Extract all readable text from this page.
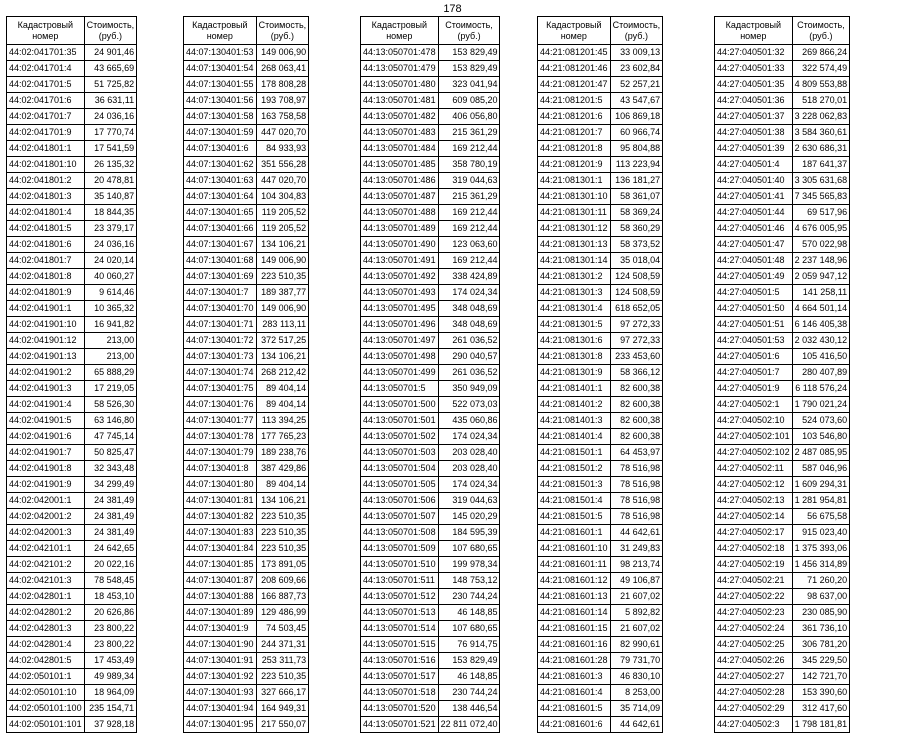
178
Кадастровый номер	Стоимость, (руб.)
44:02:041701:35	24 901,46
44:02:041701:4	43 665,69
44:02:041701:5	51 725,82
44:02:041701:6	36 631,11
44:02:041701:7	24 036,16
44:02:041701:9	17 770,74
44:02:041801:1	17 541,59
44:02:041801:10	26 135,32
44:02:041801:2	20 478,81
44:02:041801:3	35 140,87
44:02:041801:4	18 844,35
44:02:041801:5	23 379,17
44:02:041801:6	24 036,16
44:02:041801:7	24 020,14
44:02:041801:8	40 060,27
44:02:041801:9	9 614,46
44:02:041901:1	10 365,32
44:02:041901:10	16 941,82
44:02:041901:12	213,00
44:02:041901:13	213,00
44:02:041901:2	65 888,29
44:02:041901:3	17 219,05
44:02:041901:4	58 526,30
44:02:041901:5	63 146,80
44:02:041901:6	47 745,14
44:02:041901:7	50 825,47
44:02:041901:8	32 343,48
44:02:041901:9	34 299,49
44:02:042001:1	24 381,49
44:02:042001:2	24 381,49
44:02:042001:3	24 381,49
44:02:042101:1	24 642,65
44:02:042101:2	20 022,16
44:02:042101:3	78 548,45
44:02:042801:1	18 453,10
44:02:042801:2	20 626,86
44:02:042801:3	23 800,22
44:02:042801:4	23 800,22
44:02:042801:5	17 453,49
44:02:050101:1	49 989,34
44:02:050101:10	18 964,09
44:02:050101:100	235 154,71
44:02:050101:101	37 928,18
Кадастровый номер	Стоимость, (руб.)
44:07:130401:53	149 006,90
44:07:130401:54	268 063,41
44:07:130401:55	178 808,28
44:07:130401:56	193 708,97
44:07:130401:58	163 758,58
44:07:130401:59	447 020,70
44:07:130401:6	84 933,93
44:07:130401:62	351 556,28
44:07:130401:63	447 020,70
44:07:130401:64	104 304,83
44:07:130401:65	119 205,52
44:07:130401:66	119 205,52
44:07:130401:67	134 106,21
44:07:130401:68	149 006,90
44:07:130401:69	223 510,35
44:07:130401:7	189 387,77
44:07:130401:70	149 006,90
44:07:130401:71	283 113,11
44:07:130401:72	372 517,25
44:07:130401:73	134 106,21
44:07:130401:74	268 212,42
44:07:130401:75	89 404,14
44:07:130401:76	89 404,14
44:07:130401:77	113 394,25
44:07:130401:78	177 765,23
44:07:130401:79	189 238,76
44:07:130401:8	387 429,86
44:07:130401:80	89 404,14
44:07:130401:81	134 106,21
44:07:130401:82	223 510,35
44:07:130401:83	223 510,35
44:07:130401:84	223 510,35
44:07:130401:85	173 891,05
44:07:130401:87	208 609,66
44:07:130401:88	166 887,73
44:07:130401:89	129 486,99
44:07:130401:9	74 503,45
44:07:130401:90	244 371,31
44:07:130401:91	253 311,73
44:07:130401:92	223 510,35
44:07:130401:93	327 666,17
44:07:130401:94	164 949,31
44:07:130401:95	217 550,07
Кадастровый номер	Стоимость, (руб.)
44:13:050701:478	153 829,49
44:13:050701:479	153 829,49
44:13:050701:480	323 041,94
44:13:050701:481	609 085,20
44:13:050701:482	406 056,80
44:13:050701:483	215 361,29
44:13:050701:484	169 212,44
44:13:050701:485	358 780,19
44:13:050701:486	319 044,63
44:13:050701:487	215 361,29
44:13:050701:488	169 212,44
44:13:050701:489	169 212,44
44:13:050701:490	123 063,60
44:13:050701:491	169 212,44
44:13:050701:492	338 424,89
44:13:050701:493	174 024,34
44:13:050701:495	348 048,69
44:13:050701:496	348 048,69
44:13:050701:497	261 036,52
44:13:050701:498	290 040,57
44:13:050701:499	261 036,52
44:13:050701:5	350 949,09
44:13:050701:500	522 073,03
44:13:050701:501	435 060,86
44:13:050701:502	174 024,34
44:13:050701:503	203 028,40
44:13:050701:504	203 028,40
44:13:050701:505	174 024,34
44:13:050701:506	319 044,63
44:13:050701:507	145 020,29
44:13:050701:508	184 595,39
44:13:050701:509	107 680,65
44:13:050701:510	199 978,34
44:13:050701:511	148 753,12
44:13:050701:512	230 744,24
44:13:050701:513	46 148,85
44:13:050701:514	107 680,65
44:13:050701:515	76 914,75
44:13:050701:516	153 829,49
44:13:050701:517	46 148,85
44:13:050701:518	230 744,24
44:13:050701:520	138 446,54
44:13:050701:521	22 811 072,40
Кадастровый номер	Стоимость, (руб.)
44:21:081201:45	33 009,13
44:21:081201:46	23 602,84
44:21:081201:47	52 257,21
44:21:081201:5	43 547,67
44:21:081201:6	106 869,18
44:21:081201:7	60 966,74
44:21:081201:8	95 804,88
44:21:081201:9	113 223,94
44:21:081301:1	136 181,27
44:21:081301:10	58 361,07
44:21:081301:11	58 369,24
44:21:081301:12	58 360,29
44:21:081301:13	58 373,52
44:21:081301:14	35 018,04
44:21:081301:2	124 508,59
44:21:081301:3	124 508,59
44:21:081301:4	618 652,05
44:21:081301:5	97 272,33
44:21:081301:6	97 272,33
44:21:081301:8	233 453,60
44:21:081301:9	58 366,12
44:21:081401:1	82 600,38
44:21:081401:2	82 600,38
44:21:081401:3	82 600,38
44:21:081401:4	82 600,38
44:21:081501:1	64 453,97
44:21:081501:2	78 516,98
44:21:081501:3	78 516,98
44:21:081501:4	78 516,98
44:21:081501:5	78 516,98
44:21:081601:1	44 642,61
44:21:081601:10	31 249,83
44:21:081601:11	98 213,74
44:21:081601:12	49 106,87
44:21:081601:13	21 607,02
44:21:081601:14	5 892,82
44:21:081601:15	21 607,02
44:21:081601:16	82 990,61
44:21:081601:28	79 731,70
44:21:081601:3	46 830,10
44:21:081601:4	8 253,00
44:21:081601:5	35 714,09
44:21:081601:6	44 642,61
Кадастровый номер	Стоимость, (руб.)
44:27:040501:32	269 866,24
44:27:040501:33	322 574,49
44:27:040501:35	4 809 553,88
44:27:040501:36	518 270,01
44:27:040501:37	3 228 062,83
44:27:040501:38	3 584 360,61
44:27:040501:39	2 630 686,31
44:27:040501:4	187 641,37
44:27:040501:40	3 305 631,68
44:27:040501:41	7 345 565,83
44:27:040501:44	69 517,96
44:27:040501:46	4 676 005,95
44:27:040501:47	570 022,98
44:27:040501:48	2 237 148,96
44:27:040501:49	2 059 947,12
44:27:040501:5	141 258,11
44:27:040501:50	4 664 501,14
44:27:040501:51	6 146 405,38
44:27:040501:53	2 032 430,12
44:27:040501:6	105 416,50
44:27:040501:7	280 407,89
44:27:040501:9	6 118 576,24
44:27:040502:1	1 790 021,24
44:27:040502:10	524 073,60
44:27:040502:101	103 546,80
44:27:040502:102	2 487 085,95
44:27:040502:11	587 046,96
44:27:040502:12	1 609 294,31
44:27:040502:13	1 281 954,81
44:27:040502:14	56 675,58
44:27:040502:17	915 023,40
44:27:040502:18	1 375 393,06
44:27:040502:19	1 456 314,89
44:27:040502:21	71 260,20
44:27:040502:22	98 637,00
44:27:040502:23	230 085,90
44:27:040502:24	361 736,10
44:27:040502:25	306 781,20
44:27:040502:26	345 229,50
44:27:040502:27	142 721,70
44:27:040502:28	153 390,60
44:27:040502:29	312 417,60
44:27:040502:3	1 798 181,81
